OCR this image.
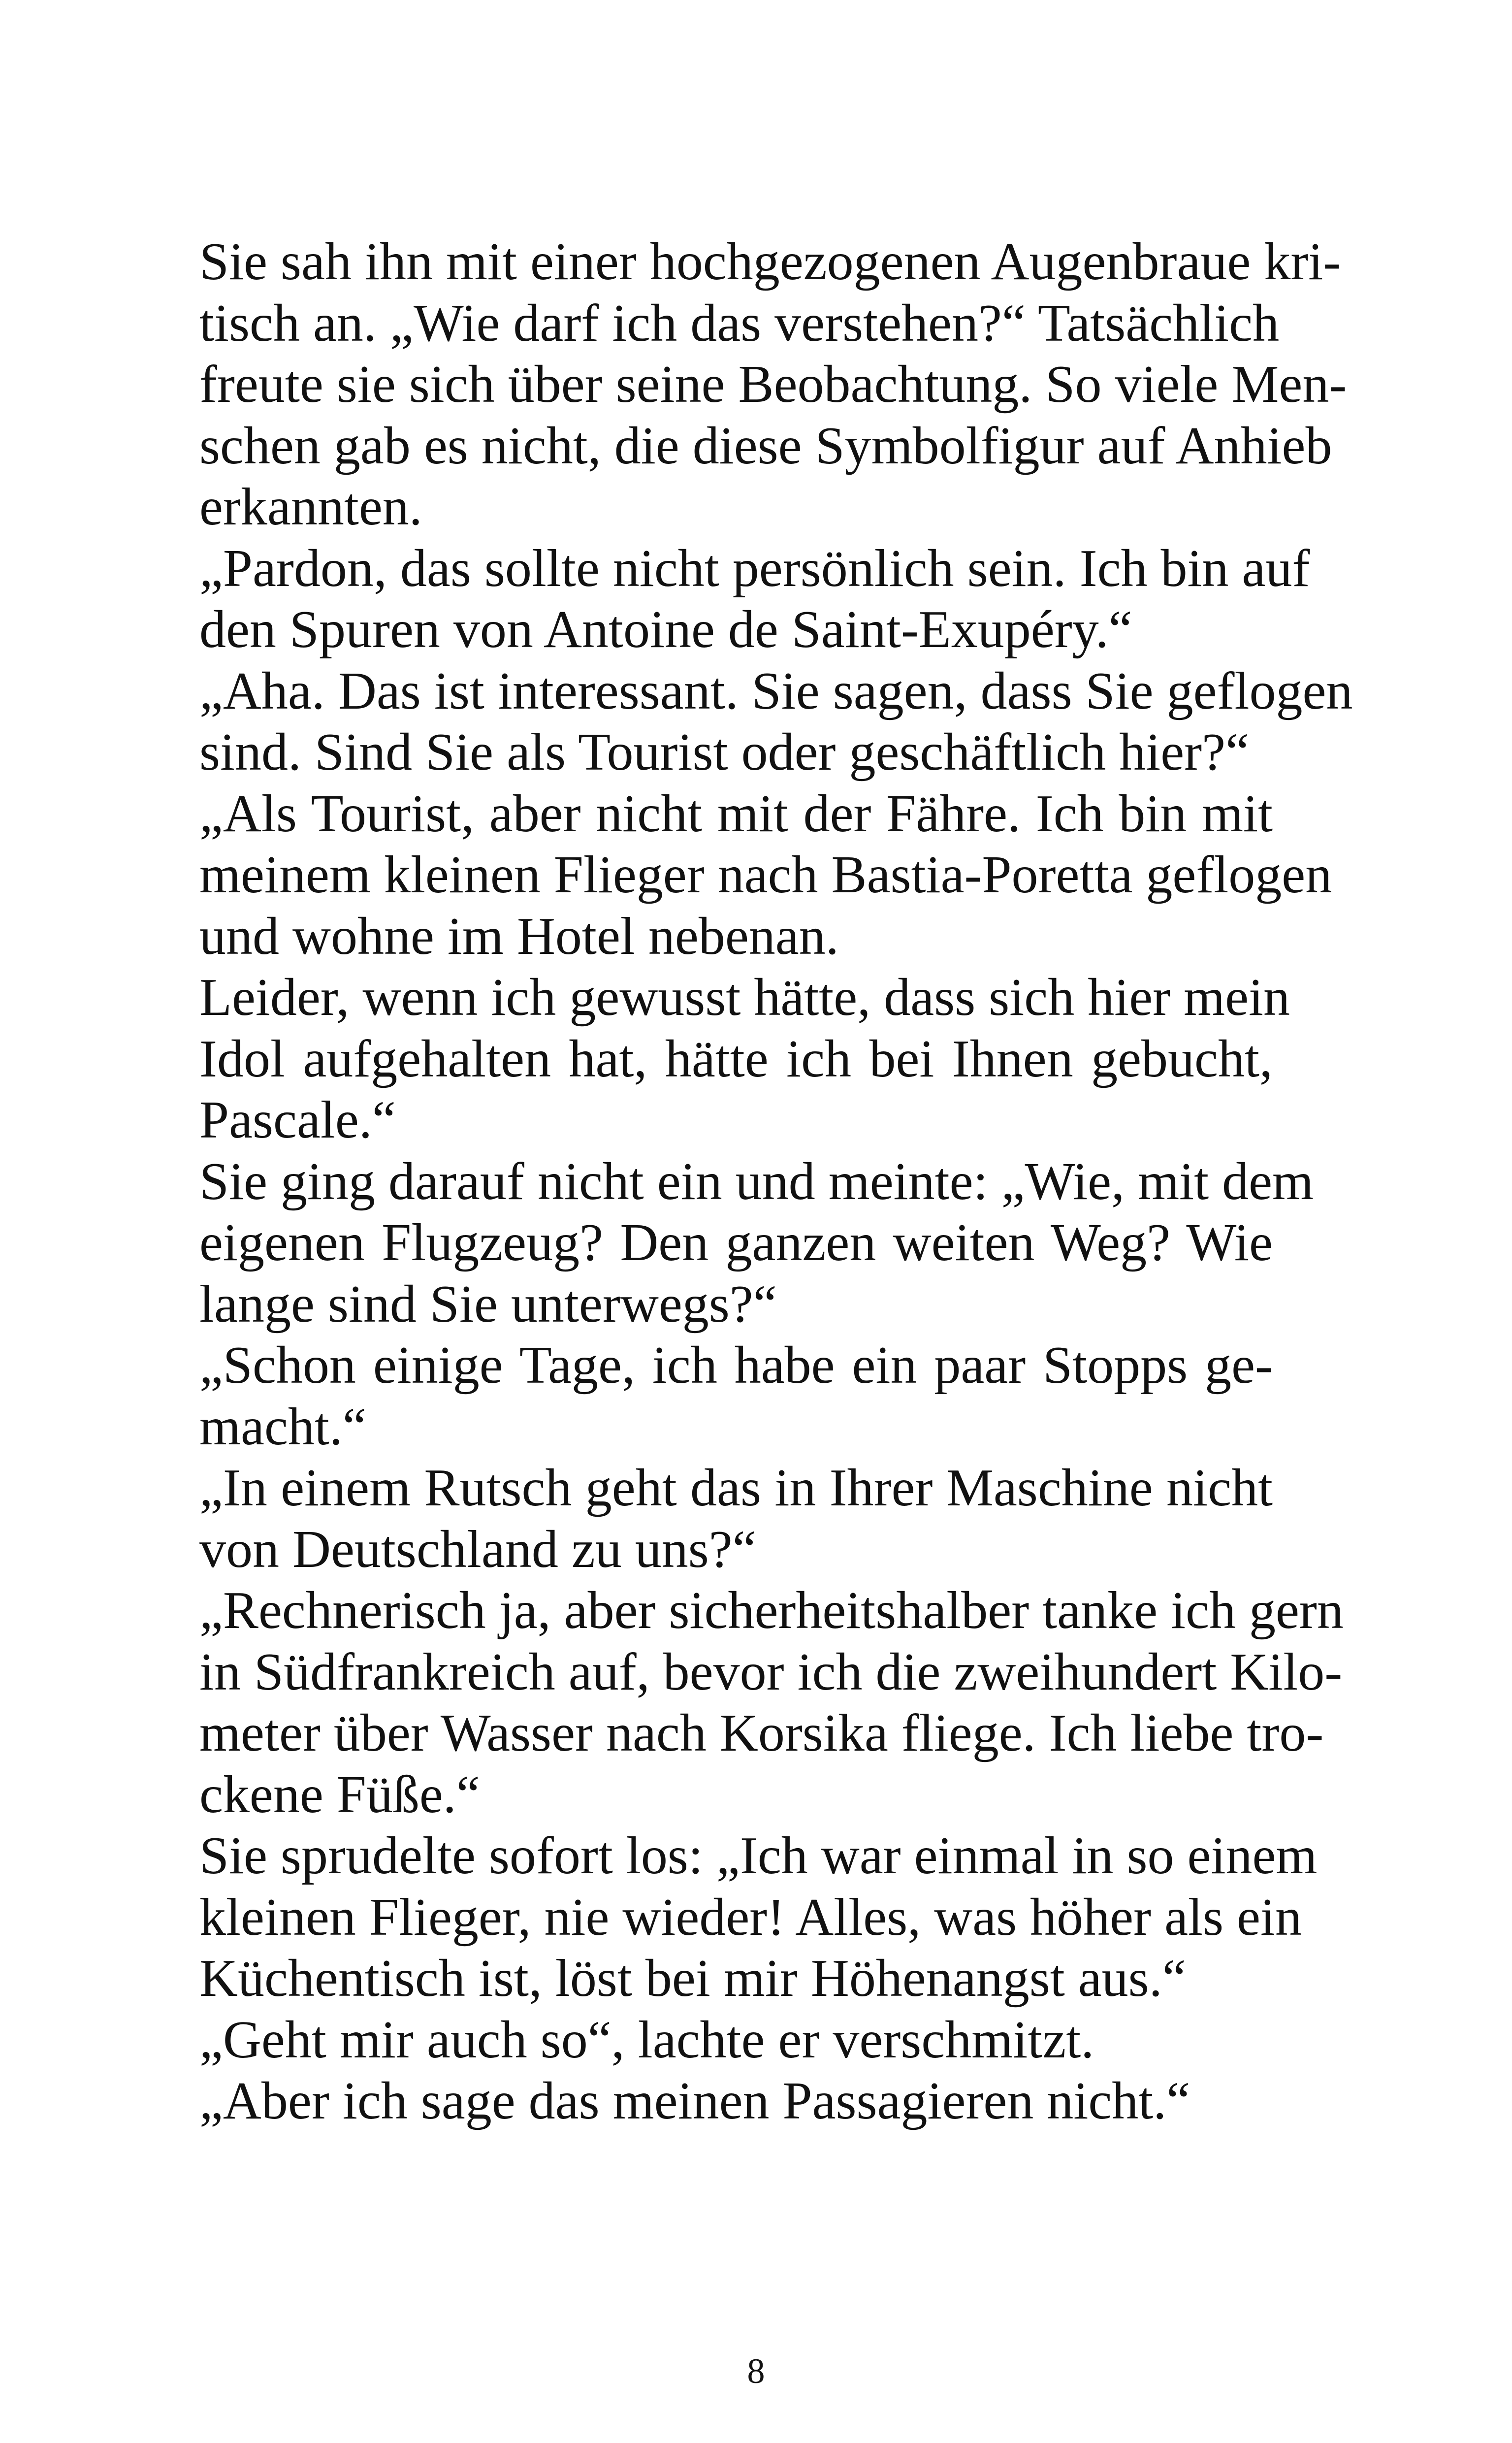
Sie sah ihn mit einer hochgezogenen Augenbraue kri-
tisch an. „Wie darf ich das verstehen?“ Tatsächlich
freute sie sich über seine Beobachtung. So viele Men-
schen gab es nicht, die diese Symbolfigur auf Anhieb
erkannten.
„Pardon, das sollte nicht persönlich sein. Ich bin auf
den Spuren von Antoine de Saint-Exupéry.“
„Aha. Das ist interessant. Sie sagen, dass Sie geflogen
sind. Sind Sie als Tourist oder geschäftlich hier?“
„Als Tourist, aber nicht mit der Fähre. Ich bin mit
meinem kleinen Flieger nach Bastia-Poretta geflogen
und wohne im Hotel nebenan.
Leider, wenn ich gewusst hätte, dass sich hier mein
Idol aufgehalten hat, hätte ich bei Ihnen gebucht,
Pascale.“
Sie ging darauf nicht ein und meinte: „Wie, mit dem
eigenen Flugzeug? Den ganzen weiten Weg? Wie
lange sind Sie unterwegs?“
„Schon einige Tage, ich habe ein paar Stopps ge-
macht.“
„In einem Rutsch geht das in Ihrer Maschine nicht
von Deutschland zu uns?“
„Rechnerisch ja, aber sicherheitshalber tanke ich gern
in Südfrankreich auf, bevor ich die zweihundert Kilo-
meter über Wasser nach Korsika fliege. Ich liebe tro-
ckene Füße.“
Sie sprudelte sofort los: „Ich war einmal in so einem
kleinen Flieger, nie wieder! Alles, was höher als ein
Küchentisch ist, löst bei mir Höhenangst aus.“
„Geht mir auch so“, lachte er verschmitzt.
„Aber ich sage das meinen Passagieren nicht.“
8
